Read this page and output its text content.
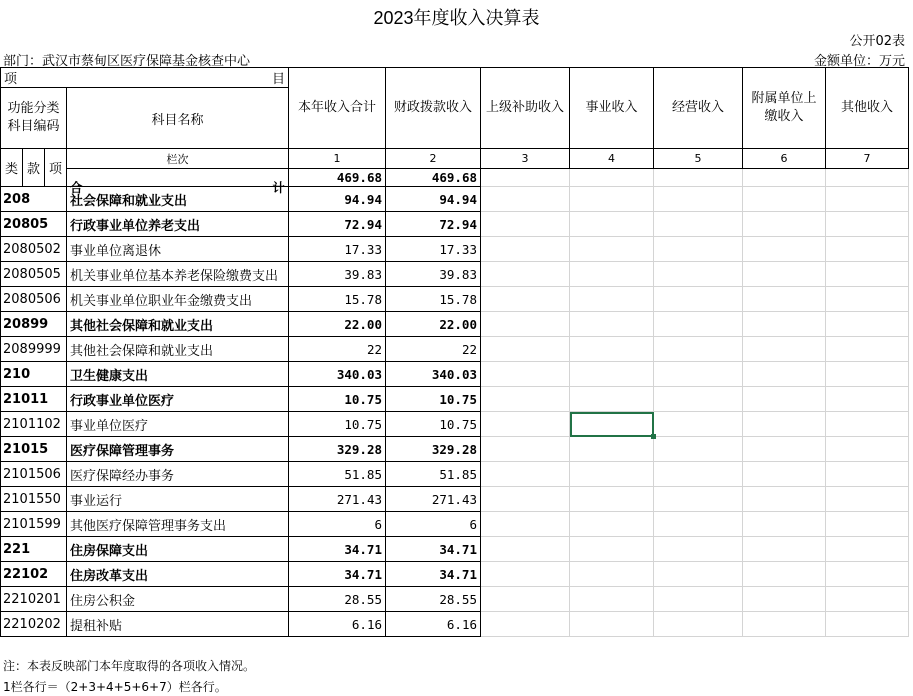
2023年度收入决算表
公开02表
部门：武汉市蔡甸区医疗保障基金核查中心	金额单位：万元
项 目				本年收入合计	财政拨款收入	上级补助收入	事业收入	经营收入	附属单位上缴收入	其他收入
功能分类科目编码			科目名称							
类	款	项	栏次	1	2	3	4	5	6	7

			合 计	469.68	469.68					
208			社会保障和就业支出	94.94	94.94					
20805			行政事业单位养老支出	72.94	72.94					
2080502			事业单位离退休	17.33	17.33					
2080505			机关事业单位基本养老保险缴费支出	39.83	39.83					
2080506			机关事业单位职业年金缴费支出	15.78	15.78					
20899			其他社会保障和就业支出	22.00	22.00					
2089999			其他社会保障和就业支出	22	22					
210			卫生健康支出	340.03	340.03					
21011			行政事业单位医疗	10.75	10.75					
2101102			事业单位医疗	10.75	10.75		

21015			医疗保障管理事务	329.28	329.28					
2101506			医疗保障经办事务	51.85	51.85					
2101550			事业运行	271.43	271.43					
2101599			其他医疗保障管理事务支出	6	6					
221			住房保障支出	34.71	34.71					
22102			住房改革支出	34.71	34.71					
2210201			住房公积金	28.55	28.55					
2210202			提租补贴	6.16	6.16					
注：本表反映部门本年度取得的各项收入情况。
1栏各行＝（2+3+4+5+6+7）栏各行。
